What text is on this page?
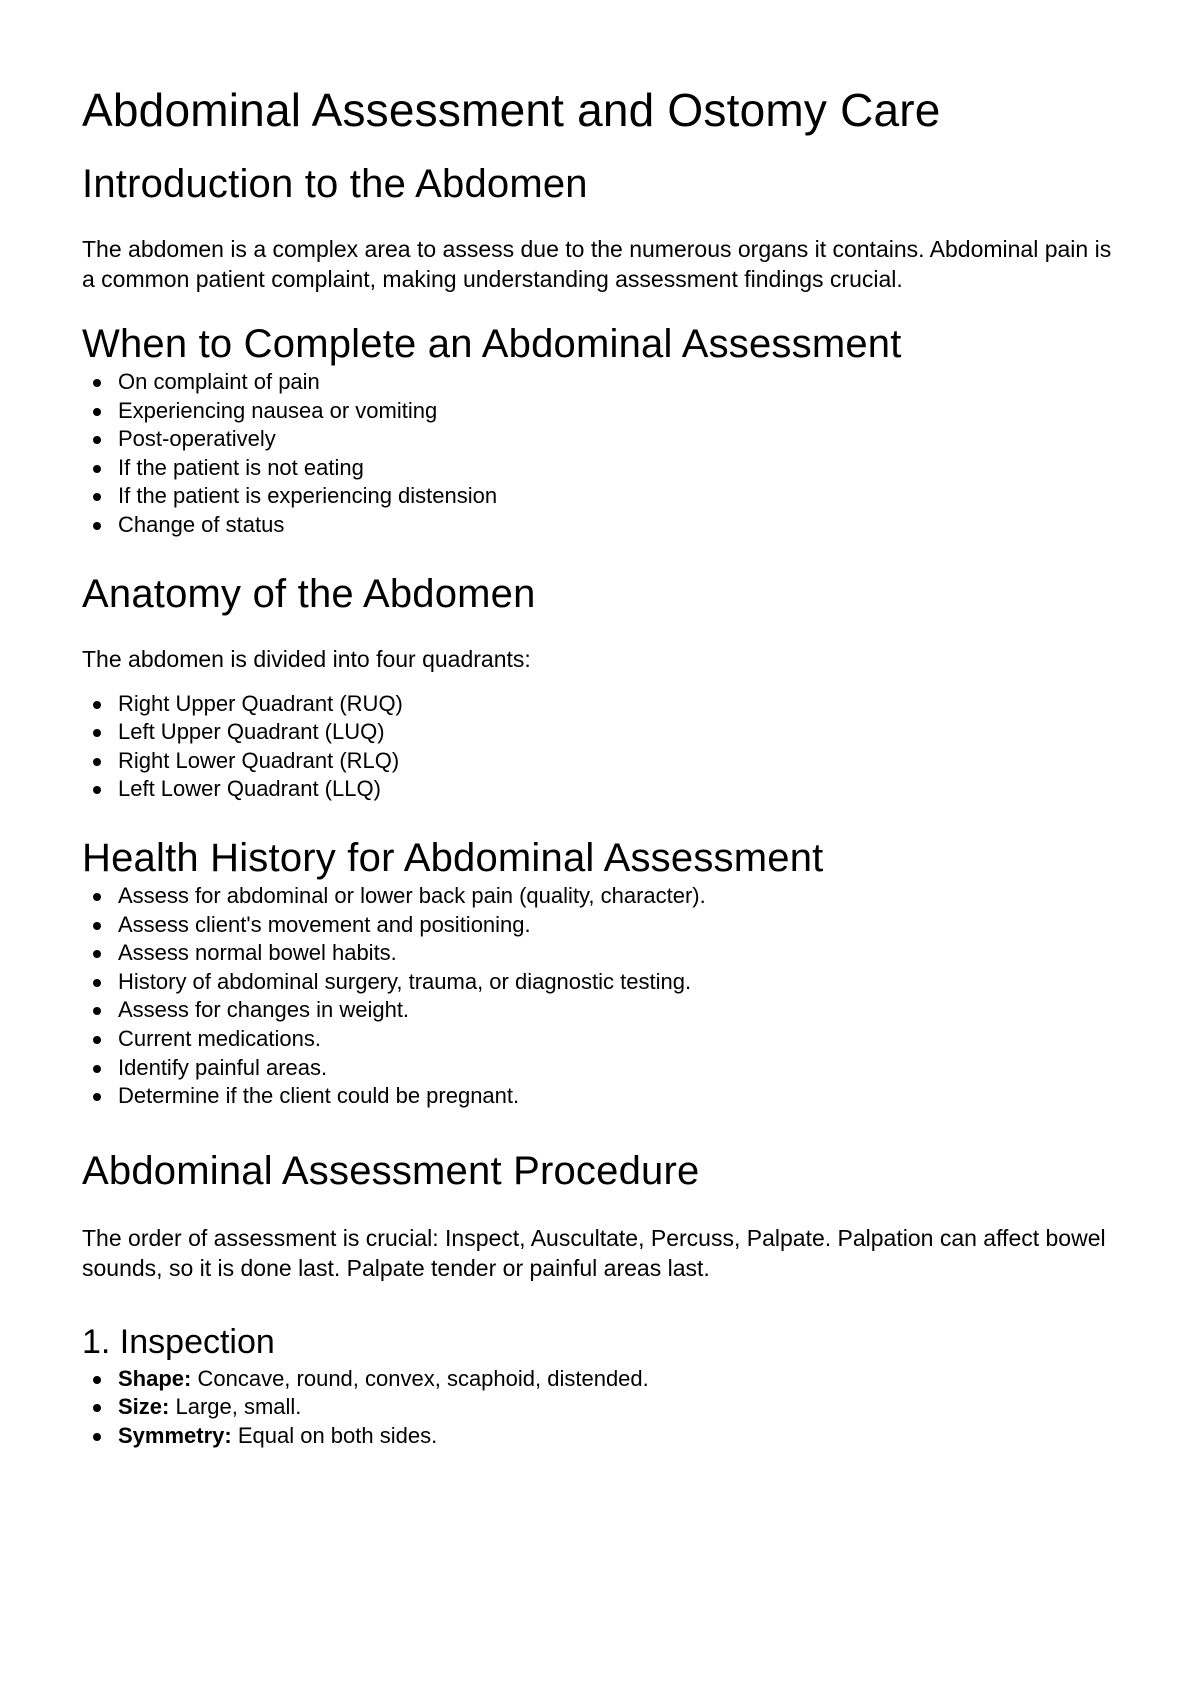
Abdominal Assessment and Ostomy Care
Introduction to the Abdomen

The abdomen is a complex area to assess due to the numerous organs it contains. Abdominal pain is a common patient complaint, making understanding assessment findings crucial.

When to Complete an Abdominal Assessment
On complaint of pain
Experiencing nausea or vomiting
Post-operatively
If the patient is not eating
If the patient is experiencing distension
Change of status
Anatomy of the Abdomen

The abdomen is divided into four quadrants:

Right Upper Quadrant (RUQ)
Left Upper Quadrant (LUQ)
Right Lower Quadrant (RLQ)
Left Lower Quadrant (LLQ)
Health History for Abdominal Assessment
Assess for abdominal or lower back pain (quality, character).
Assess client's movement and positioning.
Assess normal bowel habits.
History of abdominal surgery, trauma, or diagnostic testing.
Assess for changes in weight.
Current medications.
Identify painful areas.
Determine if the client could be pregnant.
Abdominal Assessment Procedure

The order of assessment is crucial: Inspect, Auscultate, Percuss, Palpate. Palpation can affect bowel sounds, so it is done last. Palpate tender or painful areas last.

1. Inspection
Shape: Concave, round, convex, scaphoid, distended.
Size: Large, small.
Symmetry: Equal on both sides.
